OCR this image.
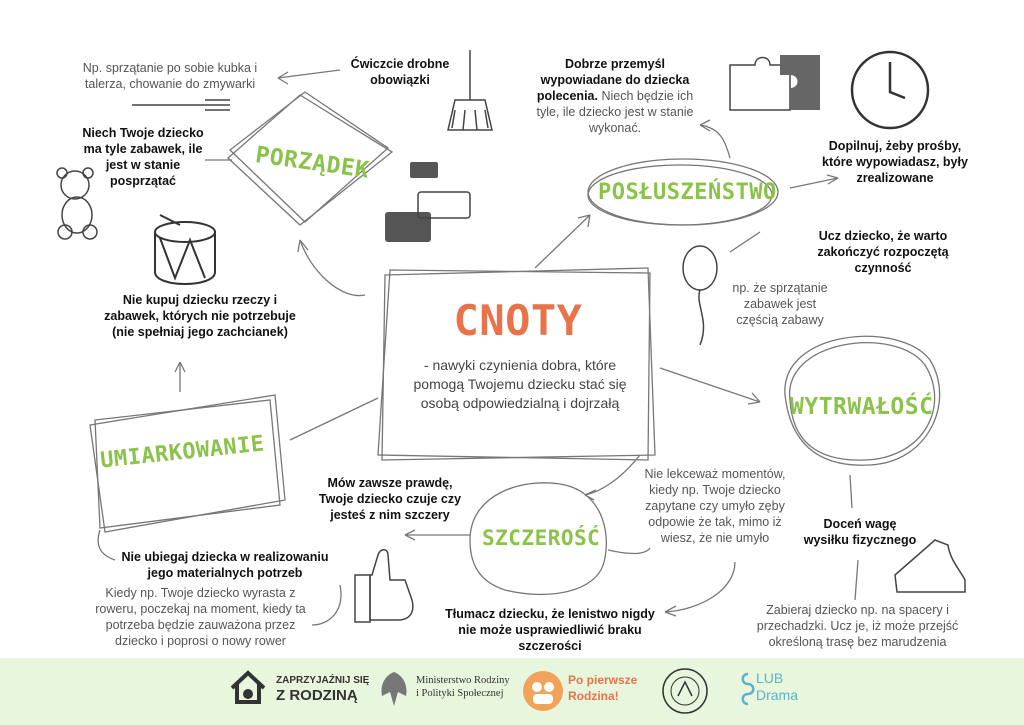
CNOTY
- nawyki czynienia dobra, które pomogą Twojemu dziecku stać się osobą odpowiedzialną i dojrzałą
PORZĄDEK
POSŁUSZEŃSTWO
WYTRWAŁOŚĆ
SZCZEROŚĆ
UMIARKOWANIE
Ćwiczcie drobne obowiązki
Np. sprzątanie po sobie kubka i talerza, chowanie do zmywarki
Niech Twoje dziecko ma tyle zabawek, ile jest w stanie posprzątać
Nie kupuj dziecku rzeczy i zabawek, których nie potrzebuje (nie spełniaj jego zachcianek)
Dobrze przemyśl wypowiadane do dziecka polecenia. Niech będzie ich tyle, ile dziecko jest w stanie wykonać.
Dopilnuj, żeby prośby, które wypowiadasz, były zrealizowane
Ucz dziecko, że warto zakończyć rozpoczętą czynność
np. że sprzątanie zabawek jest częścią zabawy
Doceń wagę wysiłku fizycznego
Zabieraj dziecko np. na spacery i przechadzki. Ucz je, iż może przejść określoną trasę bez marudzenia
Mów zawsze prawdę, Twoje dziecko czuje czy jesteś z nim szczery
Nie lekceważ momentów, kiedy np. Twoje dziecko zapytane czy umyło zęby odpowie że tak, mimo iż wiesz, że nie umyło
Tłumacz dziecku, że lenistwo nigdy nie może usprawiedliwić braku szczerości
Nie ubiegaj dziecka w realizowaniu jego materialnych potrzeb
Kiedy np. Twoje dziecko wyrasta z roweru, poczekaj na moment, kiedy ta potrzeba będzie zauważona przez dziecko i poprosi o nowy rower
ZAPRZYJAŹNIJ SIĘ
Z RODZINĄ
Ministerstwo Rodziny
i Polityki Społecznej
Po pierwsze
Rodzina!
LUB
Drama
